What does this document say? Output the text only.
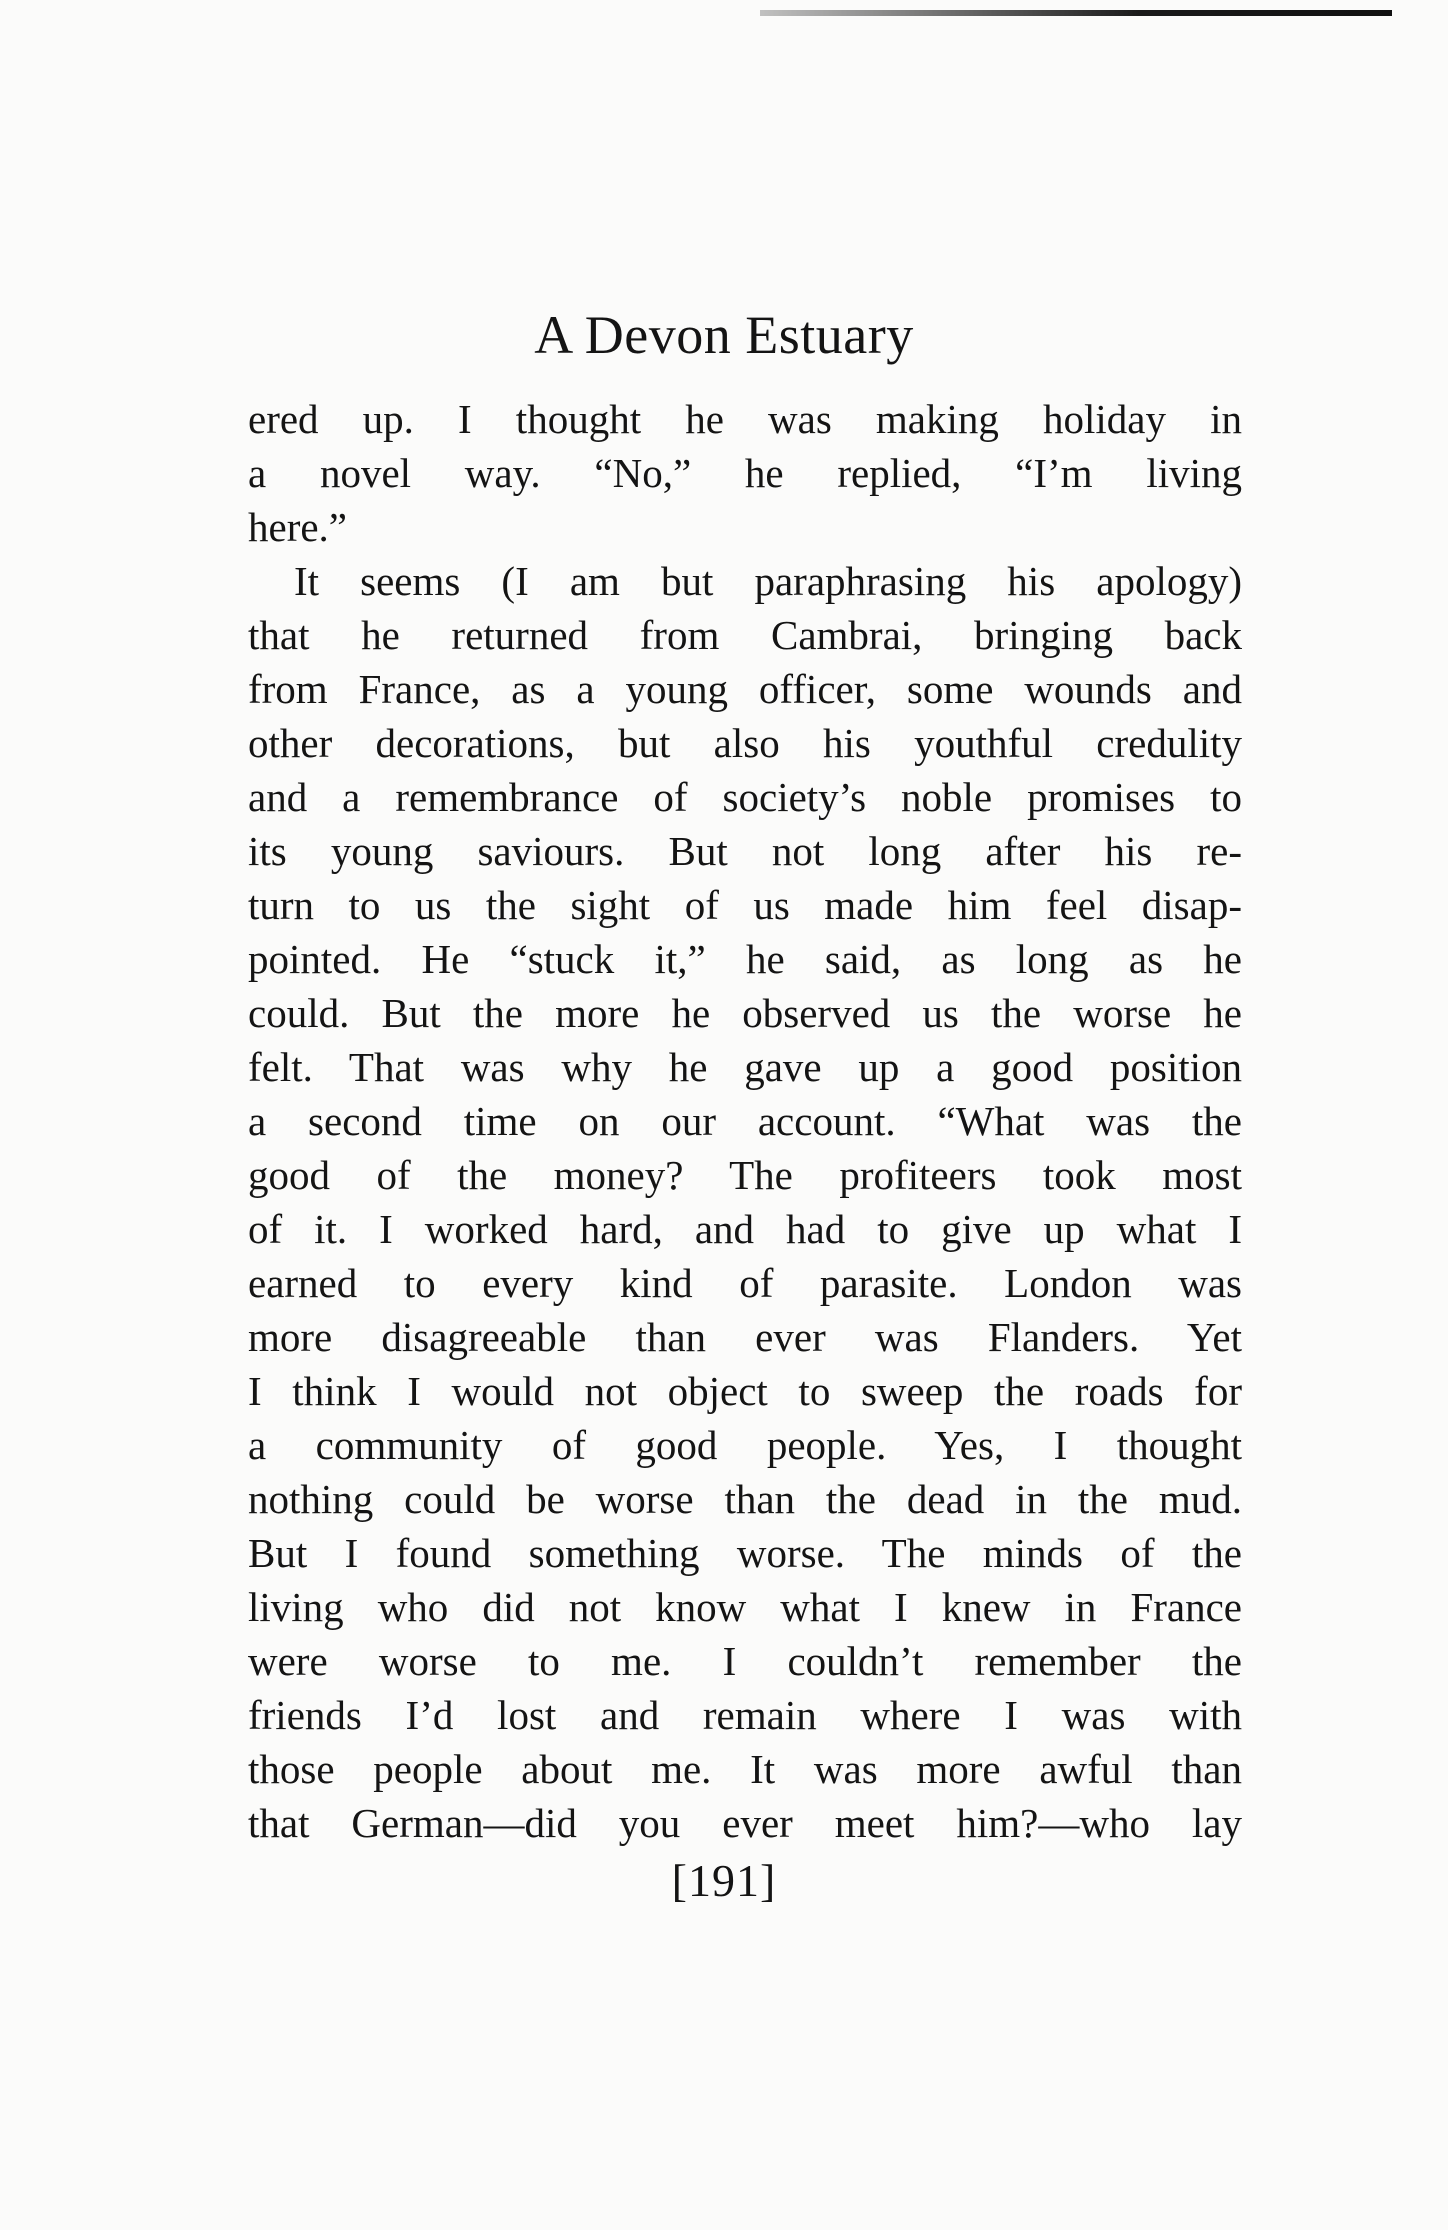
A Devon Estuary
ered up. I thought he was making holiday in
a novel way. “No,” he replied, “I’m living
here.”
It seems (I am but paraphrasing his apology)
that he returned from Cambrai, bringing back
from France, as a young officer, some wounds and
other decorations, but also his youthful credulity
and a remembrance of society’s noble promises to
its young saviours. But not long after his re-
turn to us the sight of us made him feel disap-
pointed. He “stuck it,” he said, as long as he
could. But the more he observed us the worse he
felt. That was why he gave up a good position
a second time on our account. “What was the
good of the money? The profiteers took most
of it. I worked hard, and had to give up what I
earned to every kind of parasite. London was
more disagreeable than ever was Flanders. Yet
I think I would not object to sweep the roads for
a community of good people. Yes, I thought
nothing could be worse than the dead in the mud.
But I found something worse. The minds of the
living who did not know what I knew in France
were worse to me. I couldn’t remember the
friends I’d lost and remain where I was with
those people about me. It was more awful than
that German—did you ever meet him?—who lay
[191]
